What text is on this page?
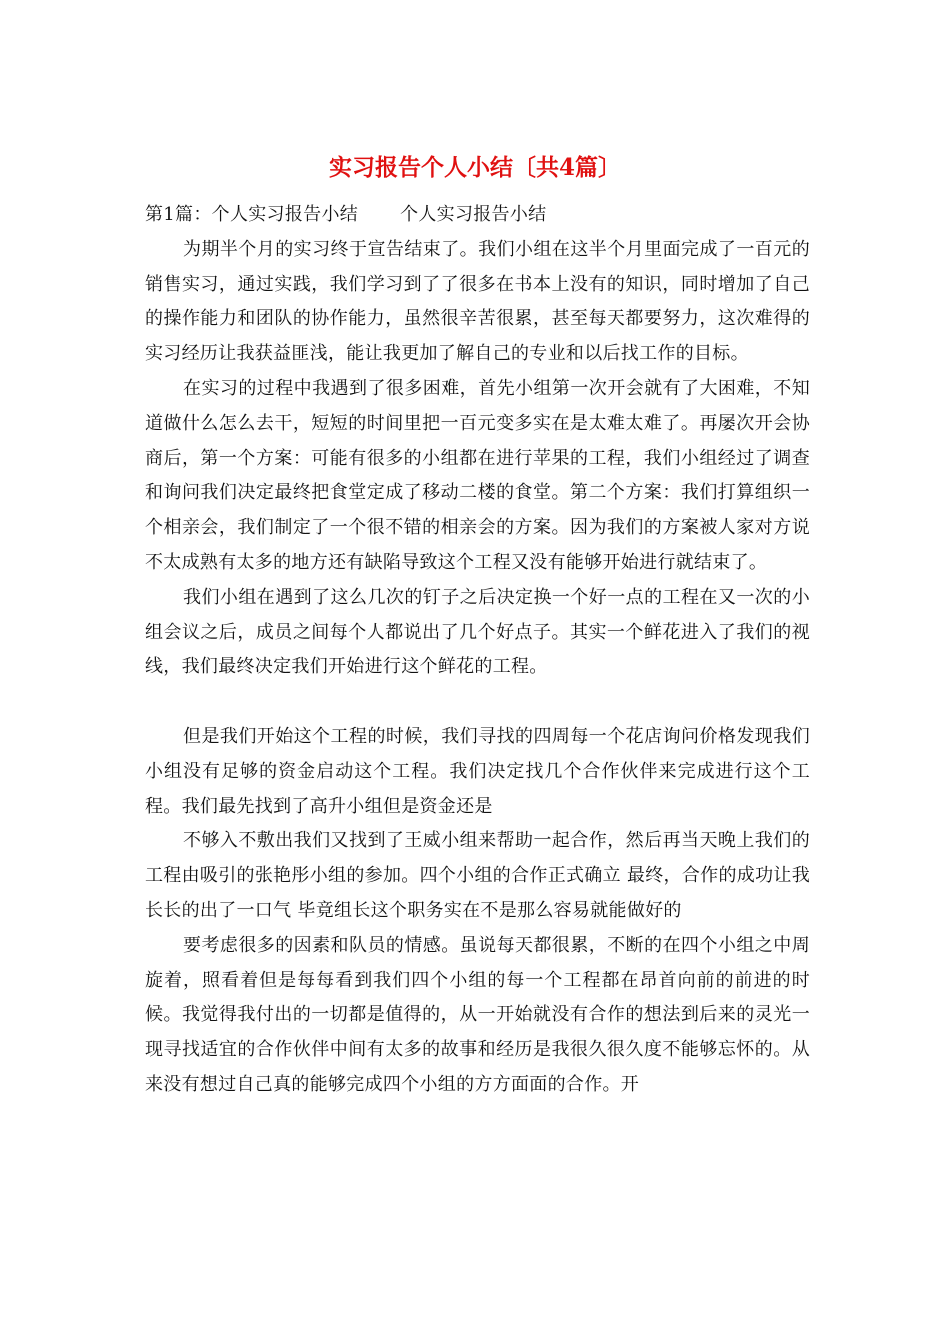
实习报告个人小结〔共4篇〕

第1篇：个人实习报告小结 个人实习报告小结

为期半个月的实习终于宣告结束了。我们小组在这半个月里面完成了一百元的销售实习，通过实践，我们学习到了了很多在书本上没有的知识，同时增加了自己的操作能力和团队的协作能力，虽然很辛苦很累，甚至每天都要努力，这次难得的实习经历让我获益匪浅，能让我更加了解自己的专业和以后找工作的目标。

在实习的过程中我遇到了很多困难，首先小组第一次开会就有了大困难，不知道做什么怎么去干，短短的时间里把一百元变多实在是太难太难了。再屡次开会协商后，第一个方案：可能有很多的小组都在进行苹果的工程，我们小组经过了调查和询问我们决定最终把食堂定成了移动二楼的食堂。第二个方案：我们打算组织一个相亲会，我们制定了一个很不错的相亲会的方案。因为我们的方案被人家对方说不太成熟有太多的地方还有缺陷导致这个工程又没有能够开始进行就结束了。

我们小组在遇到了这么几次的钉子之后决定换一个好一点的工程在又一次的小组会议之后，成员之间每个人都说出了几个好点子。其实一个鲜花进入了我们的视线，我们最终决定我们开始进行这个鲜花的工程。

但是我们开始这个工程的时候，我们寻找的四周每一个花店询问价格发现我们小组没有足够的资金启动这个工程。我们决定找几个合作伙伴来完成进行这个工程。我们最先找到了高升小组但是资金还是

不够入不敷出我们又找到了王威小组来帮助一起合作，然后再当天晚上我们的工程由吸引的张艳彤小组的参加。四个小组的合作正式确立 最终，合作的成功让我长长的出了一口气 毕竟组长这个职务实在不是那么容易就能做好的

要考虑很多的因素和队员的情感。虽说每天都很累，不断的在四个小组之中周旋着，照看着但是每每看到我们四个小组的每一个工程都在昂首向前的前进的时候。我觉得我付出的一切都是值得的，从一开始就没有合作的想法到后来的灵光一现寻找适宜的合作伙伴中间有太多的故事和经历是我很久很久度不能够忘怀的。从来没有想过自己真的能够完成四个小组的方方面面的合作。开
